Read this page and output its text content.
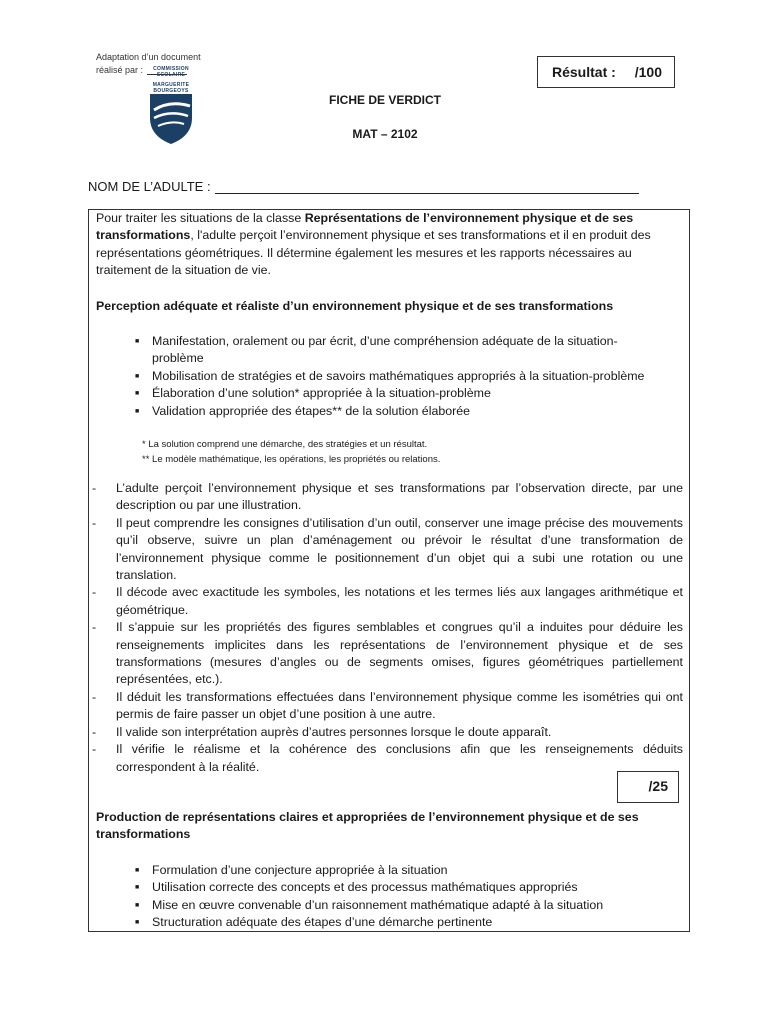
Adaptation d’un document
réalisé par :	COMMISSION SCOLAIRE
MARGUERITE BOURGEOYS
Résultat : /100
FICHE DE VERDICT
MAT – 2102
NOM DE L’ADULTE :
Pour traiter les situations de la classe Représentations de l’environnement physique et de ses transformations, l'adulte perçoit l’environnement physique et ses transformations et il en produit des représentations géométriques. Il détermine également les mesures et les rapports nécessaires au traitement de la situation de vie.
Perception adéquate et réaliste d’un environnement physique et de ses transformations
■ Manifestation, oralement ou par écrit, d’une compréhension adéquate de la situation-problème
■ Mobilisation de stratégies et de savoirs mathématiques appropriés à la situation-problème
■ Élaboration d’une solution* appropriée à la situation-problème
■ Validation appropriée des étapes** de la solution élaborée
* La solution comprend une démarche, des stratégies et un résultat.
** Le modèle mathématique, les opérations, les propriétés ou relations.
- L’adulte perçoit l’environnement physique et ses transformations par l’observation directe, par une description ou par une illustration.
- Il peut comprendre les consignes d’utilisation d’un outil, conserver une image précise des mouvements qu’il observe, suivre un plan d’aménagement ou prévoir le résultat d’une transformation de l’environnement physique comme le positionnement d’un objet qui a subi une rotation ou une translation.
- Il décode avec exactitude les symboles, les notations et les termes liés aux langages arithmétique et géométrique.
- Il s’appuie sur les propriétés des figures semblables et congrues qu’il a induites pour déduire les renseignements implicites dans les représentations de l’environnement physique et de ses transformations (mesures d’angles ou de segments omises, figures géométriques partiellement représentées, etc.).
- Il déduit les transformations effectuées dans l’environnement physique comme les isométries qui ont permis de faire passer un objet d’une position à une autre.
- Il valide son interprétation auprès d’autres personnes lorsque le doute apparaît.
- Il vérifie le réalisme et la cohérence des conclusions afin que les renseignements déduits correspondent à la réalité.
/25
Production de représentations claires et appropriées de l’environnement physique et de ses transformations
■ Formulation d’une conjecture appropriée à la situation
■ Utilisation correcte des concepts et des processus mathématiques appropriés
■ Mise en œuvre convenable d’un raisonnement mathématique adapté à la situation
■ Structuration adéquate des étapes d’une démarche pertinente
